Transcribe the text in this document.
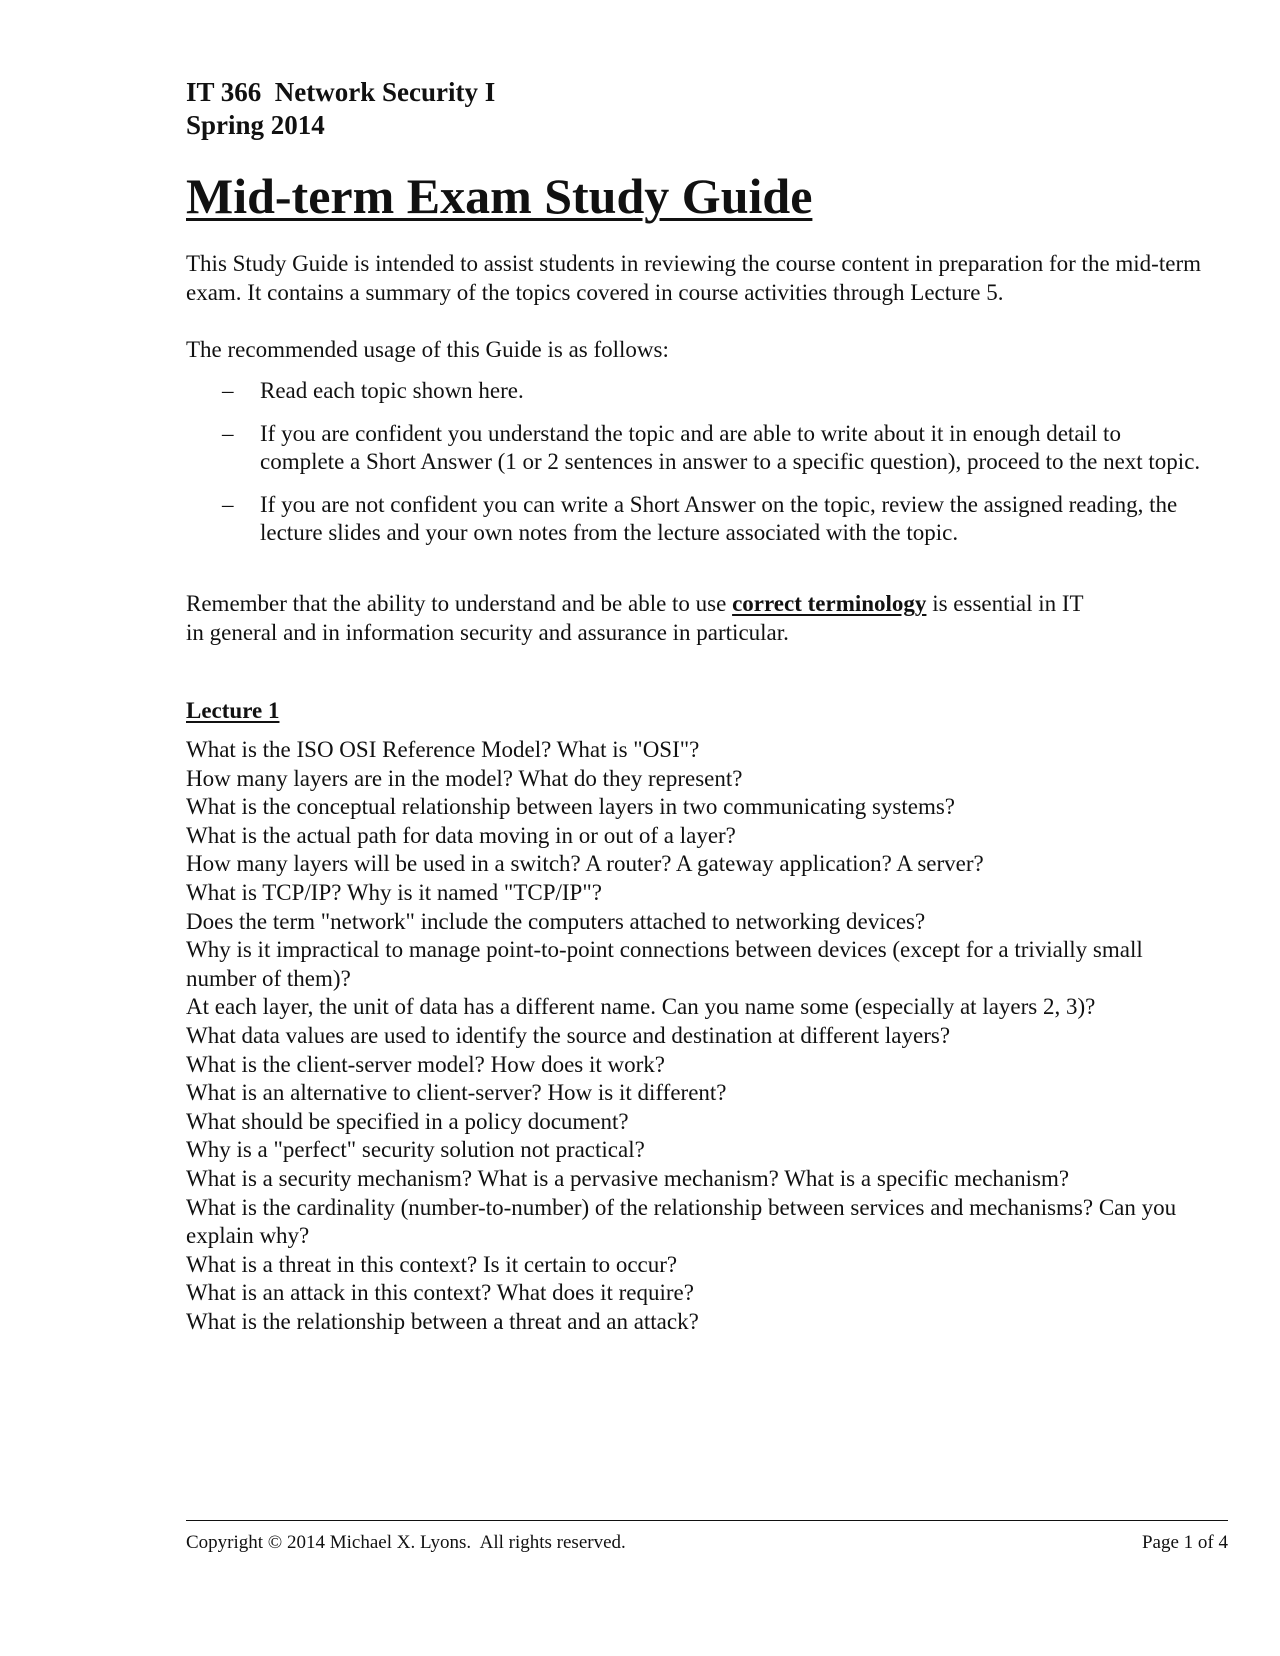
IT 366  Network Security I
Spring 2014
Mid-term Exam Study Guide
This Study Guide is intended to assist students in reviewing the course content in preparation for the mid-term exam. It contains a summary of the topics covered in course activities through Lecture 5.
The recommended usage of this Guide is as follows:
– Read each topic shown here.
– If you are confident you understand the topic and are able to write about it in enough detail to complete a Short Answer (1 or 2 sentences in answer to a specific question), proceed to the next topic.
– If you are not confident you can write a Short Answer on the topic, review the assigned reading, the lecture slides and your own notes from the lecture associated with the topic.
Remember that the ability to understand and be able to use correct terminology is essential in IT in general and in information security and assurance in particular.
Lecture 1
What is the ISO OSI Reference Model? What is "OSI"?
How many layers are in the model? What do they represent?
What is the conceptual relationship between layers in two communicating systems?
What is the actual path for data moving in or out of a layer?
How many layers will be used in a switch? A router? A gateway application? A server?
What is TCP/IP? Why is it named "TCP/IP"?
Does the term "network" include the computers attached to networking devices?
Why is it impractical to manage point-to-point connections between devices (except for a trivially small number of them)?
At each layer, the unit of data has a different name. Can you name some (especially at layers 2, 3)?
What data values are used to identify the source and destination at different layers?
What is the client-server model? How does it work?
What is an alternative to client-server? How is it different?
What should be specified in a policy document?
Why is a "perfect" security solution not practical?
What is a security mechanism? What is a pervasive mechanism? What is a specific mechanism?
What is the cardinality (number-to-number) of the relationship between services and mechanisms? Can you explain why?
What is a threat in this context? Is it certain to occur?
What is an attack in this context? What does it require?
What is the relationship between a threat and an attack?
Copyright © 2014 Michael X. Lyons.  All rights reserved.	Page 1 of 4
